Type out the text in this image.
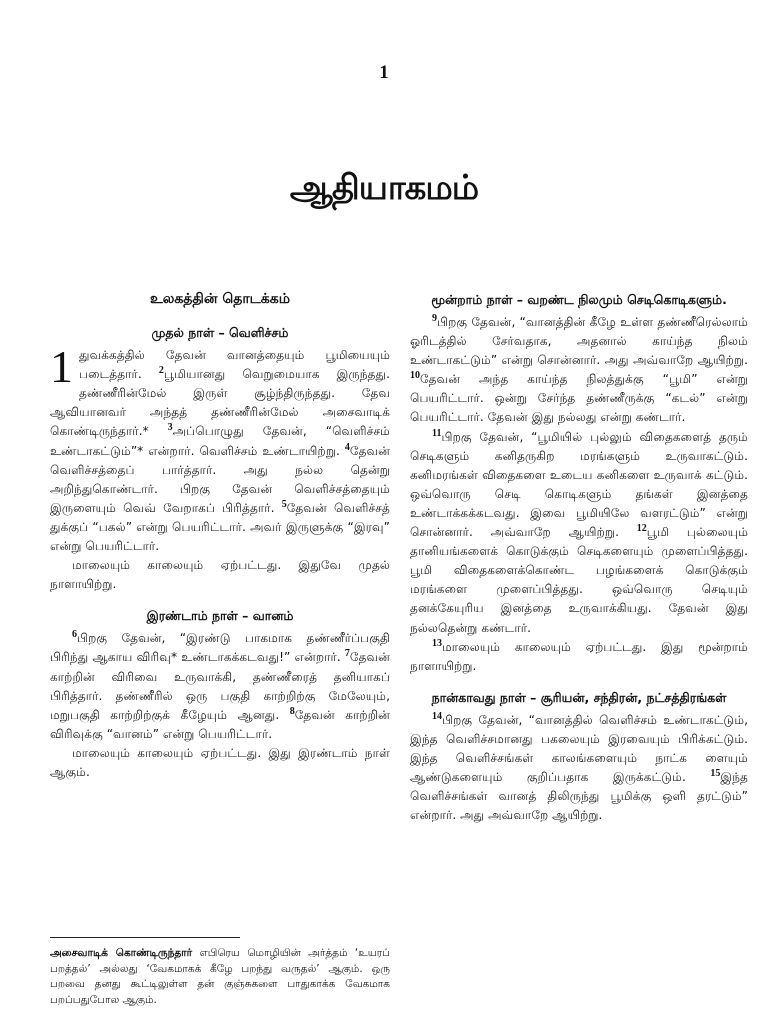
1
ஆதியாகமம்
உலகத்தின் தொடக்கம்
முதல் நாள் – வெளிச்சம்

1 துவக்கத்தில் தேவன் வானத்தையும் பூமியையும் படைத்தார். $^2$பூமியானது வெறுமையாக இருந்தது. தண்ணீரின்மேல் இருள் சூழ்ந்திருந்தது. தேவ ஆவியானவர் அந்தத் தண்ணீரின்மேல் அசைவாடிக் கொண்டிருந்தார்.* $^3$அப்பொழுது தேவன், “வெளிச்சம் உண்டாகட்டும்”* என்றார். வெளிச்சம் உண்டாயிற்று. $^4$தேவன் வெளிச்சத்தைப் பார்த்தார். அது நல்ல தென்று அறிந்துகொண்டார். பிறகு தேவன் வெளிச்சத்தையும் இருளையும் வெவ் வேறாகப் பிரித்தார். $^5$தேவன் வெளிச்சத் துக்குப் “பகல்” என்று பெயரிட்டார். அவர் இருளுக்கு “இரவு” என்று பெயரிட்டார்.

மாலையும் காலையும் ஏற்பட்டது. இதுவே முதல் நாளாயிற்று.

இரண்டாம் நாள் – வானம்

$^6$பிறகு தேவன், “இரண்டு பாகமாக தண்ணீர்ப்பகுதி பிரிந்து ஆகாய விரிவு* உண்டாகக்கடவது!” என்றார். $^7$தேவன் காற்றின் விரிவை உருவாக்கி, தண்ணீரைத் தனியாகப் பிரித்தார். தண்ணீரில் ஒரு பகுதி காற்றிற்கு மேலேயும், மறுபகுதி காற்றிற்குக் கீழேயும் ஆனது. $^8$தேவன் காற்றின் விரிவுக்கு “வானம்” என்று பெயரிட்டார்.

மாலையும் காலையும் ஏற்பட்டது. இது இரண்டாம் நாள் ஆகும்.

அசைவாடிக் கொண்டிருந்தார் எபிரெய மொழியின் அர்த்தம் ‘உயரப் பறத்தல்’ அல்லது ‘வேகமாகக் கீழே பறந்து வருதல்’ ஆகும். ஒரு பறவை தனது கூட்டிலுள்ள தன் குஞ்சுகளை பாதுகாக்க வேகமாக பறப்பதுபோல ஆகும்.
மூன்றாம் நாள் – வறண்ட நிலமும் செடிகொடிகளும்.

$^9$பிறகு தேவன், “வானத்தின் கீழே உள்ள தண்ணீரெல்லாம் ஓரிடத்தில் சேர்வதாக, அதனால் காய்ந்த நிலம் உண்டாகட்டும்” என்று சொன்னார். அது அவ்வாறே ஆயிற்று. $^{10}$தேவன் அந்த காய்ந்த நிலத்துக்கு “பூமி” என்று பெயரிட்டார். ஒன்று சேர்ந்த தண்ணீருக்கு “கடல்” என்று பெயரிட்டார். தேவன் இது நல்லது என்று கண்டார்.

$^{11}$பிறகு தேவன், “பூமியில் புல்லும் விதைகளைத் தரும் செடிகளும் கனிதருகிற மரங்களும் உருவாகட்டும். கனிமரங்கள் விதைகளை உடைய கனிகளை உருவாக் கட்டும். ஒவ்வொரு செடி கொடிகளும் தங்கள் இனத்தை உண்டாக்கக்கடவது. இவை பூமியிலே வளரட்டும்” என்று சொன்னார். அவ்வாறே ஆயிற்று. $^{12}$பூமி புல்லையும் தானியங்களைக் கொடுக்கும் செடிகளையும் முளைப்பித்தது. பூமி விதைகளைக்கொண்ட பழங்களைக் கொடுக்கும் மரங்களை முளைப்பித்தது. ஒவ்வொரு செடியும் தனக்கேயுரிய இனத்தை உருவாக்கியது. தேவன் இது நல்லதென்று கண்டார்.

$^{13}$மாலையும் காலையும் ஏற்பட்டது. இது மூன்றாம் நாளாயிற்று.

நான்காவது நாள் – சூரியன், சந்திரன், நட்சத்திரங்கள்

$^{14}$பிறகு தேவன், “வானத்தில் வெளிச்சம் உண்டாகட்டும், இந்த வெளிச்சமானது பகலையும் இரவையும் பிரிக்கட்டும். இந்த வெளிச்சங்கள் காலங்களையும் நாட்க ளையும் ஆண்டுகளையும் குறிப்பதாக இருக்கட்டும். $^{15}$இந்த வெளிச்சங்கள் வானத் திலிருந்து பூமிக்கு ஒளி தரட்டும்” என்றார். அது அவ்வாறே ஆயிற்று.
